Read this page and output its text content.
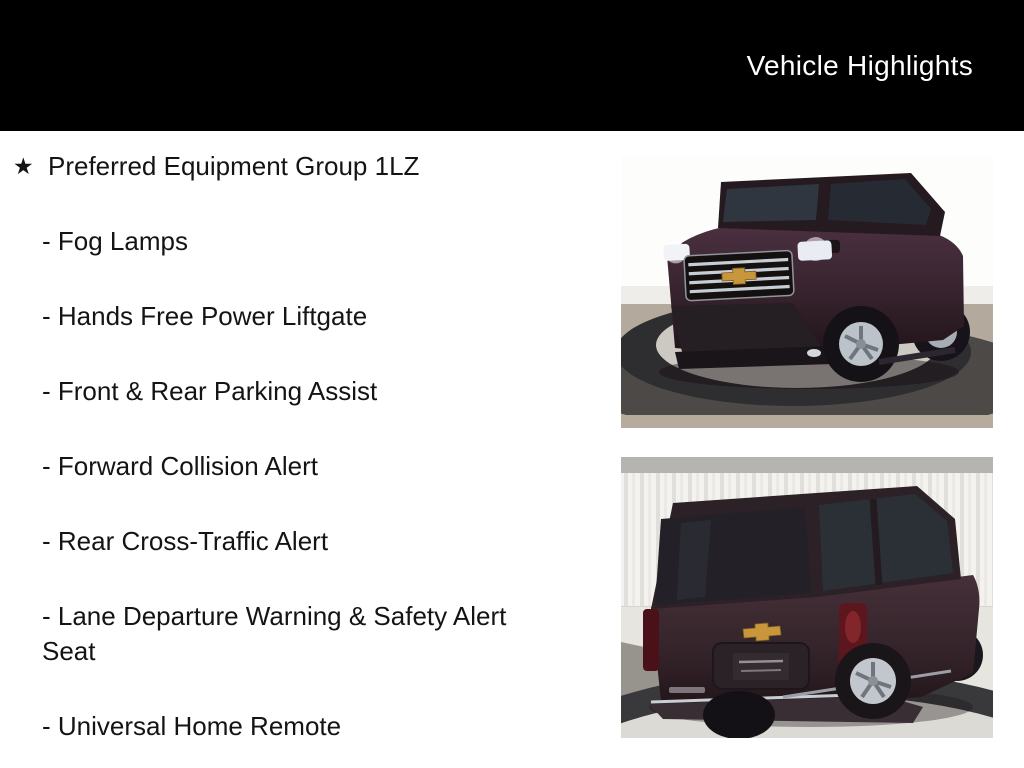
Vehicle Highlights
★ Preferred Equipment Group 1LZ
- Fog Lamps
- Hands Free Power Liftgate
- Front & Rear Parking Assist
- Forward Collision Alert
- Rear Cross-Traffic Alert
- Lane Departure Warning & Safety Alert Seat
- Universal Home Remote
